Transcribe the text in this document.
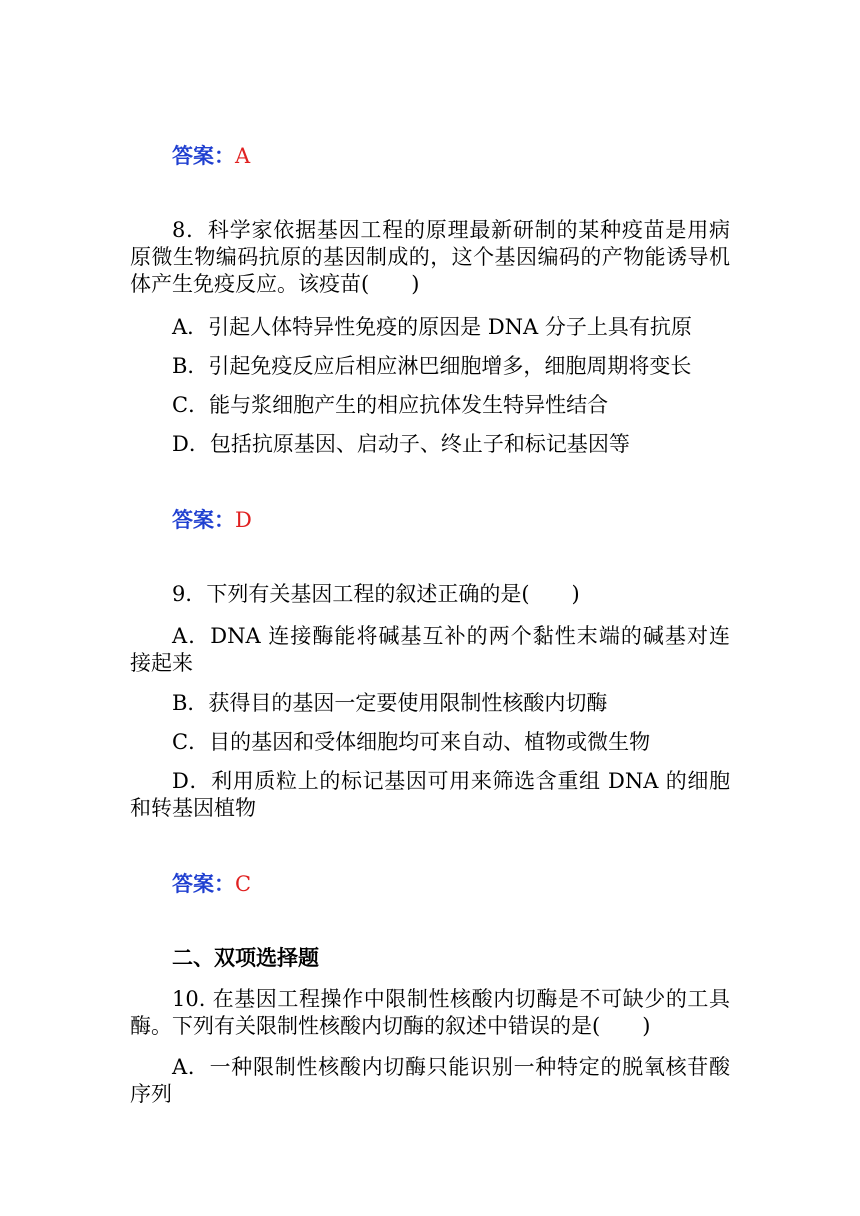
答案：A
8．科学家依据基因工程的原理最新研制的某种疫苗是用病
原微生物编码抗原的基因制成的，这个基因编码的产物能诱导机
体产生免疫反应。该疫苗(　　)
A．引起人体特异性免疫的原因是 DNA 分子上具有抗原
B．引起免疫反应后相应淋巴细胞增多，细胞周期将变长
C．能与浆细胞产生的相应抗体发生特异性结合
D．包括抗原基因、启动子、终止子和标记基因等
答案：D
9．下列有关基因工程的叙述正确的是(　　)
A．DNA 连接酶能将碱基互补的两个黏性末端的碱基对连
接起来
B．获得目的基因一定要使用限制性核酸内切酶
C．目的基因和受体细胞均可来自动、植物或微生物
D．利用质粒上的标记基因可用来筛选含重组 DNA 的细胞
和转基因植物
答案：C
二、双项选择题
10. 在基因工程操作中限制性核酸内切酶是不可缺少的工具
酶。下列有关限制性核酸内切酶的叙述中错误的是(　　)
A．一种限制性核酸内切酶只能识别一种特定的脱氧核苷酸
序列
